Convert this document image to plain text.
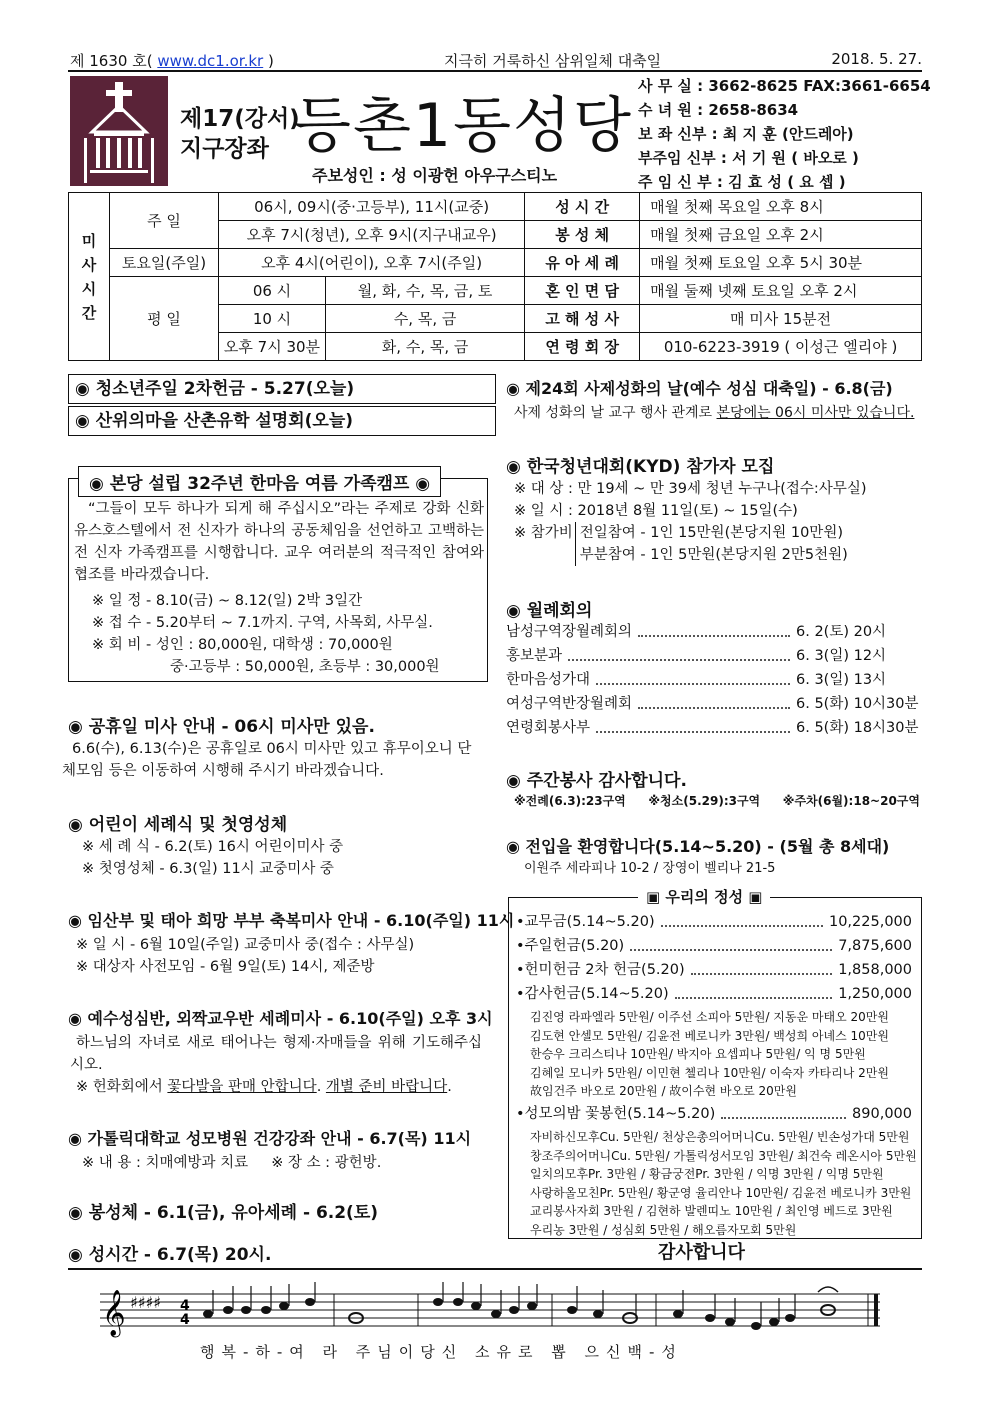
제 1630 호( www.dc1.or.kr )	지극히 거룩하신 삼위일체 대축일	2018. 5. 27.
제17(강서)
지구장좌 등촌1동성당
주보성인 : 성 이광헌 아우구스티노
사 무 실 : 3662-8625 FAX:3661-6654
수 녀 원 : 2658-8634
보 좌 신부 : 최 지 훈 (안드레아)
부주임 신부 : 서 기 원 ( 바오로 )
주 임 신 부 : 김 효 성 ( 요 셉 )
미사시간	주 일	06시, 09시(중·고등부), 11시(교중)		성 시 간	매월 첫째 목요일 오후 8시
		오후 7시(청년), 오후 9시(지구내교우)		봉 성 체	매월 첫째 금요일 오후 2시
	토요일(주일)	오후 4시(어린이), 오후 7시(주일)		유 아 세 례	매월 첫째 토요일 오후 5시 30분
	평 일	06 시	월, 화, 수, 목, 금, 토	혼 인 면 담	매월 둘째 넷째 토요일 오후 2시
		10 시	수, 목, 금	고 해 성 사	매 미사 15분전
		오후 7시 30분	화, 수, 목, 금	연 령 회 장	010-6223-3919 ( 이성근 엘리야 )
◉ 청소년주일 2차헌금 - 5.27(오늘)
◉ 산위의마을 산촌유학 설명회(오늘)
◉ 본당 설립 32주년 한마음 여름 가족캠프 ◉
“그들이 모두 하나가 되게 해 주십시오”라는 주제로 강화 신화 유스호스텔에서 전 신자가 하나의 공동체임을 선언하고 고백하는 전 신자 가족캠프를 시행합니다. 교우 여러분의 적극적인 참여와 협조를 바라겠습니다.
※ 일 정 - 8.10(금) ~ 8.12(일) 2박 3일간
※ 접 수 - 5.20부터 ~ 7.1까지. 구역, 사목회, 사무실.
※ 회 비 - 성인 : 80,000원, 대학생 : 70,000원
중·고등부 : 50,000원, 초등부 : 30,000원
◉ 공휴일 미사 안내 - 06시 미사만 있음.
6.6(수), 6.13(수)은 공휴일로 06시 미사만 있고 휴무이오니 단체모임 등은 이동하여 시행해 주시기 바라겠습니다.
◉ 어린이 세례식 및 첫영성체
※ 세 례 식 - 6.2(토) 16시 어린이미사 중
※ 첫영성체 - 6.3(일) 11시 교중미사 중
◉ 임산부 및 태아 희망 부부 축복미사 안내 - 6.10(주일) 11시
※ 일 시 - 6월 10일(주일) 교중미사 중(접수 : 사무실)
※ 대상자 사전모임 - 6월 9일(토) 14시, 제준방
◉ 예수성심반, 외짝교우반 세례미사 - 6.10(주일) 오후 3시
하느님의 자녀로 새로 태어나는 형제·자매들을 위해 기도해주십시오.
※ 헌화회에서 꽃다발을 판매 안합니다. 개별 준비 바랍니다.
◉ 가톨릭대학교 성모병원 건강강좌 안내 - 6.7(목) 11시
※ 내 용 : 치매예방과 치료     ※ 장 소 : 광헌방.
◉ 봉성체 - 6.1(금), 유아세례 - 6.2(토)
◉ 성시간 - 6.7(목) 20시.
◉ 제24회 사제성화의 날(예수 성심 대축일) - 6.8(금)
사제 성화의 날 교구 행사 관계로 본당에는 06시 미사만 있습니다.
◉ 한국청년대회(KYD) 참가자 모집
※ 대 상 : 만 19세 ~ 만 39세 청년 누구나(접수:사무실)
※ 일 시 : 2018년 8월 11일(토) ~ 15일(수)
※ 참가비 전일참여 - 1인 15만원(본당지원 10만원)
부분참여 - 1인 5만원(본당지원 2만5천원)
◉ 월례회의
남성구역장월례회의	6. 2(토) 20시
홍보분과	6. 3(일) 12시
한마음성가대	6. 3(일) 13시
여성구역반장월례회	6. 5(화) 10시30분
연령회봉사부	6. 5(화) 18시30분
◉ 주간봉사 감사합니다.
※전례(6.3):23구역 ※청소(5.29):3구역 ※주차(6월):18~20구역
◉ 전입을 환영합니다(5.14~5.20) - (5월 총 8세대)
이원주 세라피나 10-2 / 장영이 벨리나 21-5
▣ 우리의 정성 ▣
•교무금(5.14~5.20)	10,225,000
•주일헌금(5.20)	7,875,600
•헌미헌금 2차 헌금(5.20)	1,858,000
•감사헌금(5.14~5.20)	1,250,000
김진영 라파엘라 5만원/ 이주선 소피아 5만원/ 지동운 마태오 20만원
김도현 안셀모 5만원/ 김윤전 베로니카 3만원/ 백성희 아녜스 10만원
한승우 크리스티나 10만원/ 박지아 요셉피나 5만원/ 익 명 5만원
김혜일 모니카 5만원/ 이민현 첼리나 10만원/ 이숙자 카타리나 2만원
故임건주 바오로 20만원 / 故이수현 바오로 20만원
•성모의밤 꽃봉헌(5.14~5.20)	890,000
자비하신모후Cu. 5만원/ 천상은총의어머니Cu. 5만원/ 빈손성가대 5만원
창조주의어머니Cu. 5만원/ 가톨릭성서모임 3만원/ 최건숙 레온시아 5만원
일치의모후Pr. 3만원 / 황금궁전Pr. 3만원 / 익명 3만원 / 익명 5만원
사랑하올모친Pr. 5만원/ 황군영 율리안나 10만원/ 김윤전 베로니카 3만원
교리봉사자회 3만원 / 김현하 발렌띠노 10만원 / 최인영 베드로 3만원
우리농 3만원 / 성심회 5만원 / 해오름자모회 5만원
감사합니다
𝄞 ♯♯♯♯ 4
4
행복-하-여 라 주님이당신 소유로 뽑 으신백-성
